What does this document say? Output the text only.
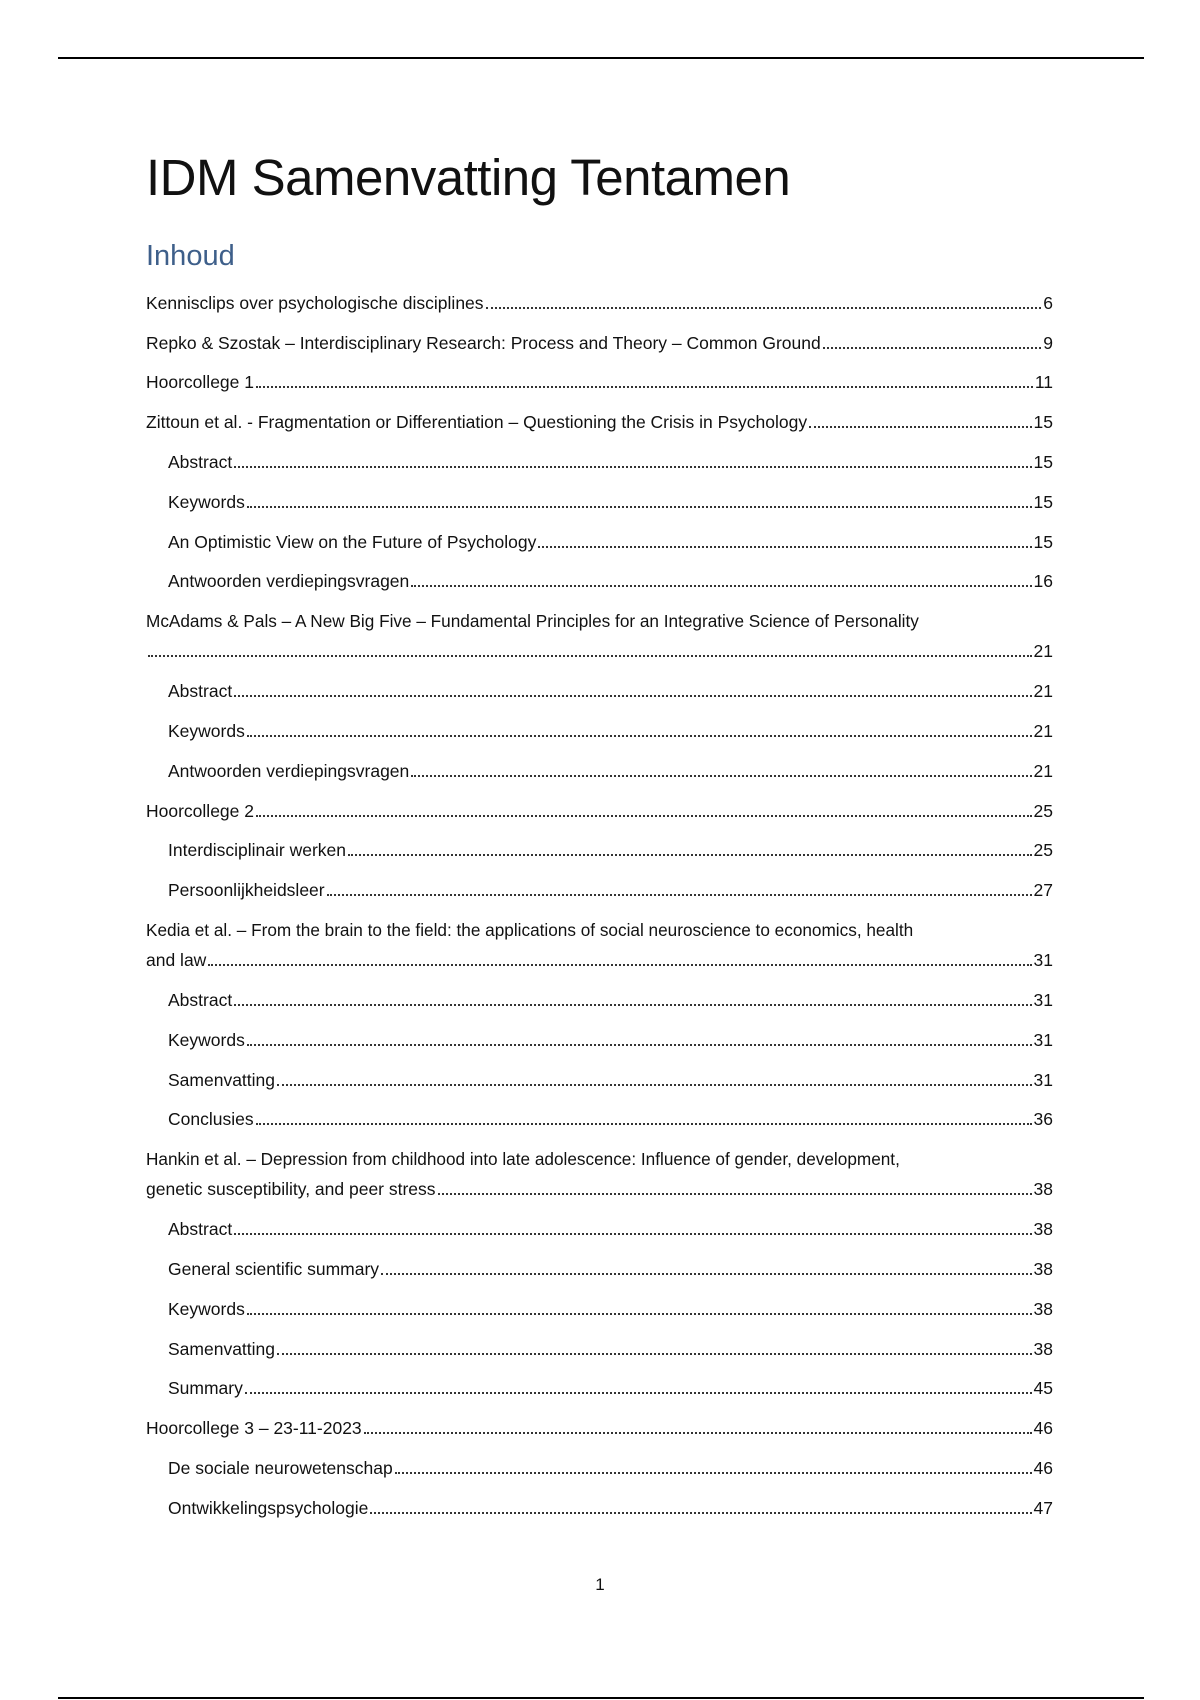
IDM Samenvatting Tentamen
Inhoud
Kennisclips over psychologische disciplines	6
Repko & Szostak – Interdisciplinary Research: Process and Theory – Common Ground	9
Hoorcollege 1	11
Zittoun et al. - Fragmentation or Differentiation – Questioning the Crisis in Psychology	15
Abstract	15
Keywords	15
An Optimistic View on the Future of Psychology	15
Antwoorden verdiepingsvragen	16
McAdams & Pals – A New Big Five – Fundamental Principles for an Integrative Science of Personality
21
Abstract	21
Keywords	21
Antwoorden verdiepingsvragen	21
Hoorcollege 2	25
Interdisciplinair werken	25
Persoonlijkheidsleer	27
Kedia et al. – From the brain to the field: the applications of social neuroscience to economics, health
and law	31
Abstract	31
Keywords	31
Samenvatting	31
Conclusies	36
Hankin et al. – Depression from childhood into late adolescence: Influence of gender, development,
genetic susceptibility, and peer stress	38
Abstract	38
General scientific summary	38
Keywords	38
Samenvatting	38
Summary	45
Hoorcollege 3 – 23-11-2023	46
De sociale neurowetenschap	46
Ontwikkelingspsychologie	47
1
